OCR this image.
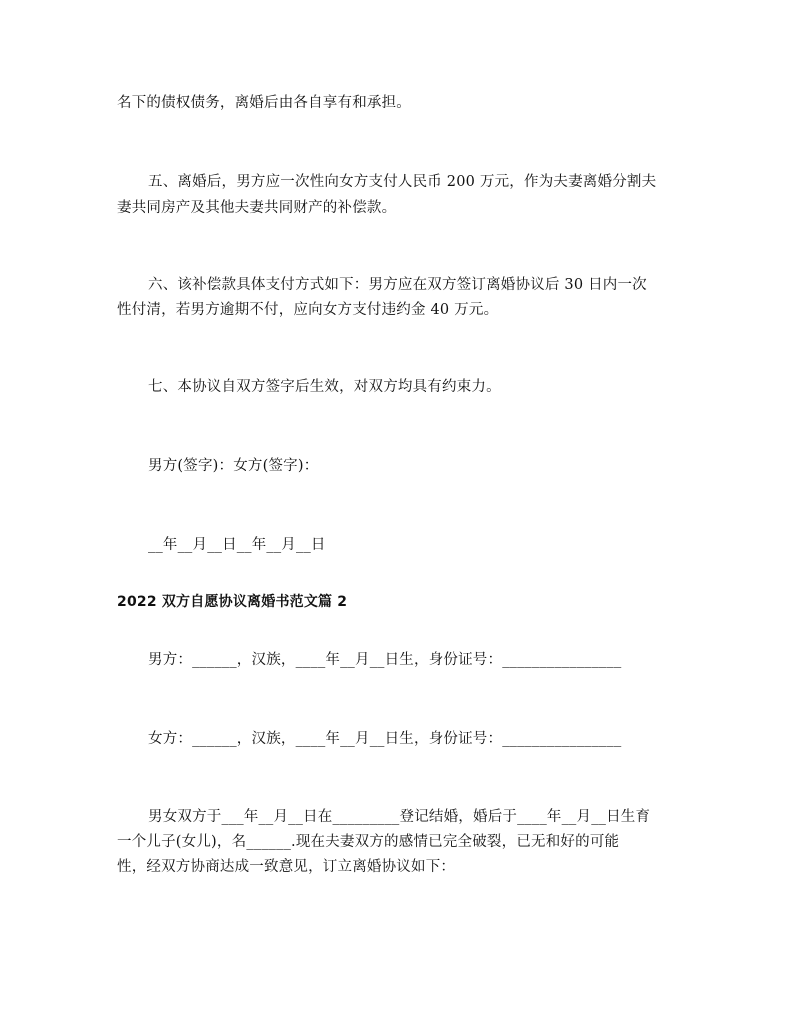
名下的债权债务，离婚后由各自享有和承担。
五、离婚后，男方应一次性向女方支付人民币 200 万元，作为夫妻离婚分割夫
妻共同房产及其他夫妻共同财产的补偿款。
六、该补偿款具体支付方式如下：男方应在双方签订离婚协议后 30 日内一次
性付清，若男方逾期不付，应向女方支付违约金 40 万元。
七、本协议自双方签字后生效，对双方均具有约束力。
男方(签字)：女方(签字)：
__年__月__日__年__月__日
2022 双方自愿协议离婚书范文篇 2
男方：______，汉族，____年__月__日生，身份证号：________________
女方：______，汉族，____年__月__日生，身份证号：________________
男女双方于___年__月__日在_________登记结婚，婚后于____年__月__日生育
一个儿子(女儿)，名______.现在夫妻双方的感情已完全破裂，已无和好的可能
性，经双方协商达成一致意见，订立离婚协议如下：
